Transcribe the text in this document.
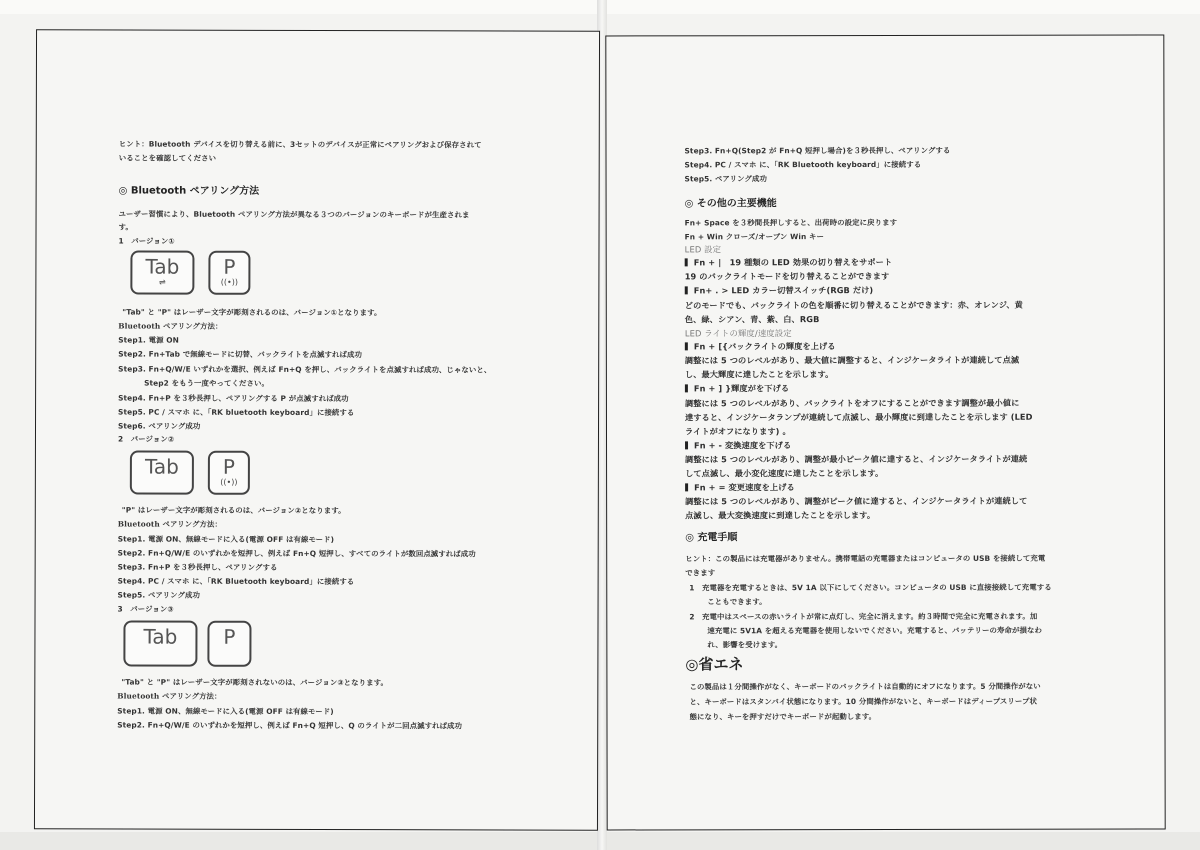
ヒント：Bluetooth デバイスを切り替える前に、3セットのデバイスが正常にペアリングおよび保存されて
いることを確認してください
◎ Bluetooth ペアリング方法
ユーザー習慣により、Bluetooth ペアリング方法が異なる３つのバージョンのキーボードが生産されま
す。
1　バージョン①
Tab
⇌
P
((•))
"Tab" と "P" はレーザー文字が彫刻されるのは、バージョン①となります。
Bluetooth ペアリング方法：
Step1. 電源 ON
Step2. Fn+Tab で無線モードに切替、バックライトを点滅すれば成功
Step3. Fn+Q/W/E いずれかを選択、例えば Fn+Q を押し、バックライトを点滅すれば成功、じゃないと、
Step2 をもう一度やってください。
Step4. Fn+P を３秒長押し、ペアリングする P が点滅すれば成功
Step5. PC / スマホ に、「RK bluetooth keyboard」に接続する
Step6. ペアリング成功
2　バージョン②
Tab	P
((•))
"P" はレーザー文字が彫刻されるのは、バージョン②となります。
Bluetooth ペアリング方法：
Step1. 電源 ON、無線モードに入る(電源 OFF は有線モード)
Step2. Fn+Q/W/E のいずれかを短押し、例えば Fn+Q 短押し、すべてのライトが数回点滅すれば成功
Step3. Fn+P を３秒長押し、ペアリングする
Step4. PC / スマホ に、「RK Bluetooth keyboard」に接続する
Step5. ペアリング成功
3　バージョン③
Tab	P
"Tab" と "P" はレーザー文字が彫刻されないのは、バージョン③となります。
Bluetooth ペアリング方法：
Step1. 電源 ON、無線モードに入る(電源 OFF は有線モード)
Step2. Fn+Q/W/E のいずれかを短押し、例えば Fn+Q 短押し、Q のライトが二回点滅すれば成功
Step3. Fn+Q(Step2 が Fn+Q 短押し場合)を３秒長押し、ペアリングする
Step4. PC / スマホ に、「RK Bluetooth keyboard」に接続する
Step5. ペアリング成功
◎ その他の主要機能
Fn+ Space を３秒間長押しすると、出荷時の設定に戻ります
Fn + Win クローズ/オープン Win キー
LED 設定
Fn + |　19 種類の LED 効果の切り替えをサポート
19 のバックライトモードを切り替えることができます
Fn+ . > LED カラー切替スイッチ(RGB だけ)
どのモードでも、バックライトの色を順番に切り替えることができます：赤、オレンジ、黄
色、緑、シアン、青、紫、白、RGB
LED ライトの輝度/速度設定
Fn + [{バックライトの輝度を上げる
調整には 5 つのレベルがあり、最大値に調整すると、インジケータライトが連続して点滅
し、最大輝度に達したことを示します。
Fn + ] }輝度がを下げる
調整には 5 つのレベルがあり、バックライトをオフにすることができます調整が最小値に
達すると、インジケータランプが連続して点滅し、最小輝度に到達したことを示します (LED
ライトがオフになります) 。
Fn + - 変換速度を下げる
調整には 5 つのレベルがあり、調整が最小ピーク値に達すると、インジケータライトが連続
して点滅し、最小変化速度に達したことを示します。
Fn + = 変更速度を上げる
調整には 5 つのレベルがあり、調整がピーク値に達すると、インジケータライトが連続して
点滅し、最大変換速度に到達したことを示します。
◎ 充電手順
ヒント：この製品には充電器がありません。携帯電話の充電器またはコンピュータの USB を接続して充電
できます
1　充電器を充電するときは、5V 1A 以下にしてください。コンピュータの USB に直接接続して充電する
こともできます。
2　充電中はスペースの赤いライトが常に点灯し、完全に消えます。約３時間で完全に充電されます。加
速充電に 5V1A を超える充電器を使用しないでください。充電すると、バッテリーの寿命が損なわ
れ、影響を受けます。
◎省エネ
この製品は１分間操作がなく、キーボードのバックライトは自動的にオフになります。5 分間操作がない
と、キーボードはスタンバイ状態になります。10 分間操作がないと、キーボードはディープスリープ状
態になり、キーを押すだけでキーボードが起動します。
